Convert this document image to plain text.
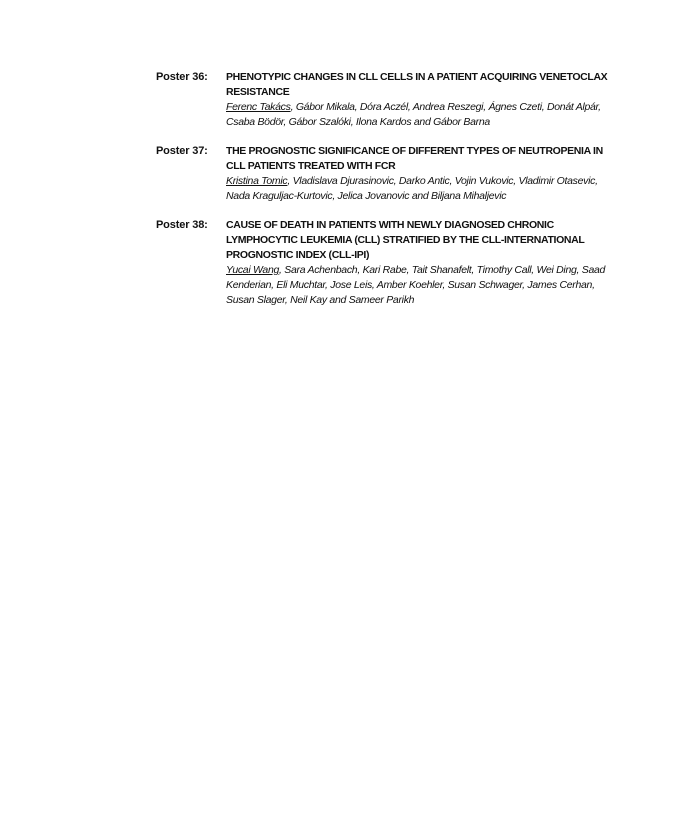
Poster 36:	PHENOTYPIC CHANGES IN CLL CELLS IN A PATIENT ACQUIRING VENETOCLAX RESISTANCE

Ferenc Takács, Gábor Mikala, Dóra Aczél, Andrea Reszegi, Ágnes Czeti, Donát Alpár, Csaba Bödör, Gábor Szalóki, Ilona Kardos and Gábor Barna

Poster 37:	THE PROGNOSTIC SIGNIFICANCE OF DIFFERENT TYPES OF NEUTROPENIA IN CLL PATIENTS TREATED WITH FCR

Kristina Tomic, Vladislava Djurasinovic, Darko Antic, Vojin Vukovic, Vladimir Otasevic, Nada Kraguljac-Kurtovic, Jelica Jovanovic and Biljana Mihaljevic

Poster 38:	CAUSE OF DEATH IN PATIENTS WITH NEWLY DIAGNOSED CHRONIC LYMPHOCYTIC LEUKEMIA (CLL) STRATIFIED BY THE CLL-INTERNATIONAL PROGNOSTIC INDEX (CLL-IPI)

Yucai Wang, Sara Achenbach, Kari Rabe, Tait Shanafelt, Timothy Call, Wei Ding, Saad Kenderian, Eli Muchtar, Jose Leis, Amber Koehler, Susan Schwager, James Cerhan, Susan Slager, Neil Kay and Sameer Parikh
